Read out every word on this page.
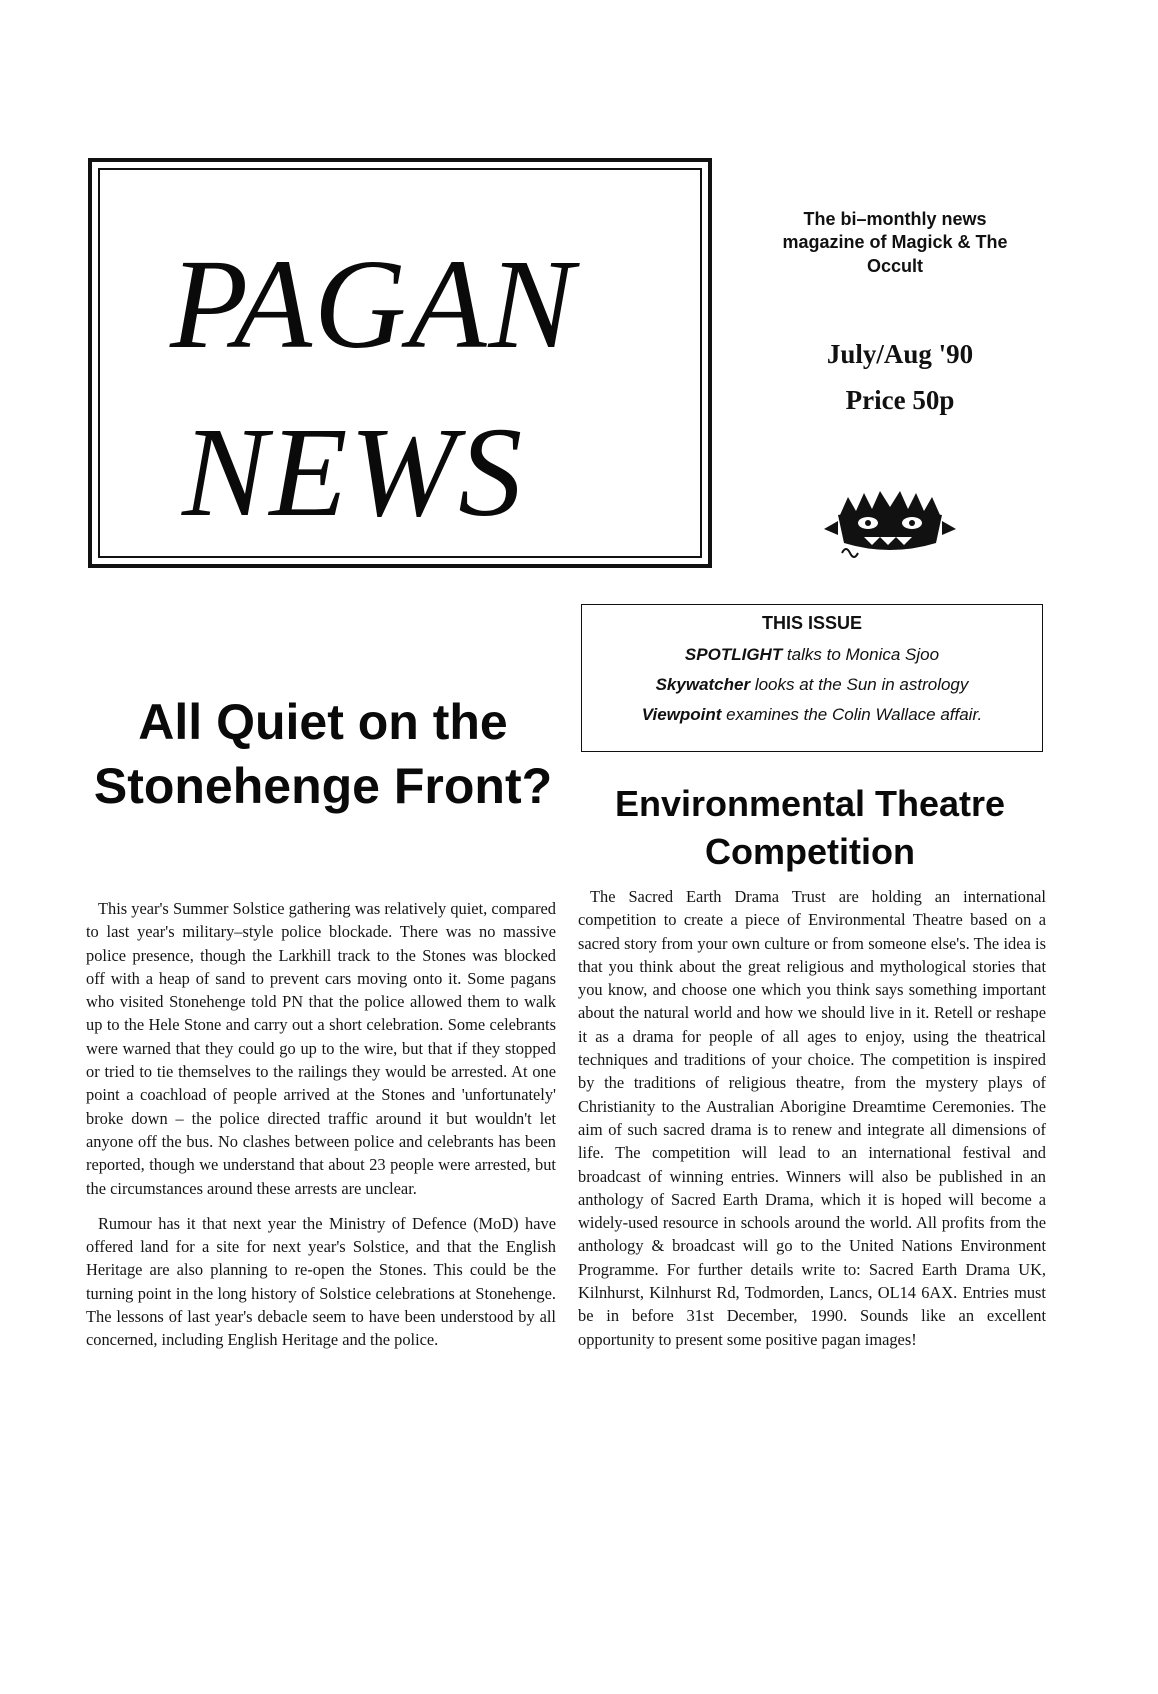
PAGAN
NEWS
The bi–monthly news magazine of Magick & The Occult
July/Aug '90
Price 50p
THIS ISSUE
SPOTLIGHT talks to Monica Sjoo
Skywatcher looks at the Sun in astrology
Viewpoint examines the Colin Wallace affair.
All Quiet on the Stonehenge Front?

This year's Summer Solstice gathering was relatively quiet, compared to last year's military–style police blockade. There was no massive police presence, though the Larkhill track to the Stones was blocked off with a heap of sand to prevent cars moving onto it. Some pagans who visited Stonehenge told PN that the police allowed them to walk up to the Hele Stone and carry out a short celebration. Some celebrants were warned that they could go up to the wire, but that if they stopped or tried to tie themselves to the railings they would be arrested. At one point a coachload of people arrived at the Stones and 'unfortunately' broke down – the police directed traffic around it but wouldn't let anyone off the bus. No clashes between police and celebrants has been reported, though we understand that about 23 people were arrested, but the circumstances around these arrests are unclear.

Rumour has it that next year the Ministry of Defence (MoD) have offered land for a site for next year's Solstice, and that the English Heritage are also planning to re-open the Stones. This could be the turning point in the long history of Solstice celebrations at Stonehenge. The lessons of last year's debacle seem to have been understood by all concerned, including English Heritage and the police.

Environmental Theatre Competition

The Sacred Earth Drama Trust are holding an international competition to create a piece of Environmental Theatre based on a sacred story from your own culture or from someone else's. The idea is that you think about the great religious and mythological stories that you know, and choose one which you think says something important about the natural world and how we should live in it. Retell or reshape it as a drama for people of all ages to enjoy, using the theatrical techniques and traditions of your choice. The competition is inspired by the traditions of religious theatre, from the mystery plays of Christianity to the Australian Aborigine Dreamtime Ceremonies. The aim of such sacred drama is to renew and integrate all dimensions of life. The competition will lead to an international festival and broadcast of winning entries. Winners will also be published in an anthology of Sacred Earth Drama, which it is hoped will become a widely-used resource in schools around the world. All profits from the anthology & broadcast will go to the United Nations Environment Programme. For further details write to: Sacred Earth Drama UK, Kilnhurst, Kilnhurst Rd, Todmorden, Lancs, OL14 6AX. Entries must be in before 31st December, 1990. Sounds like an excellent opportunity to present some positive pagan images!
